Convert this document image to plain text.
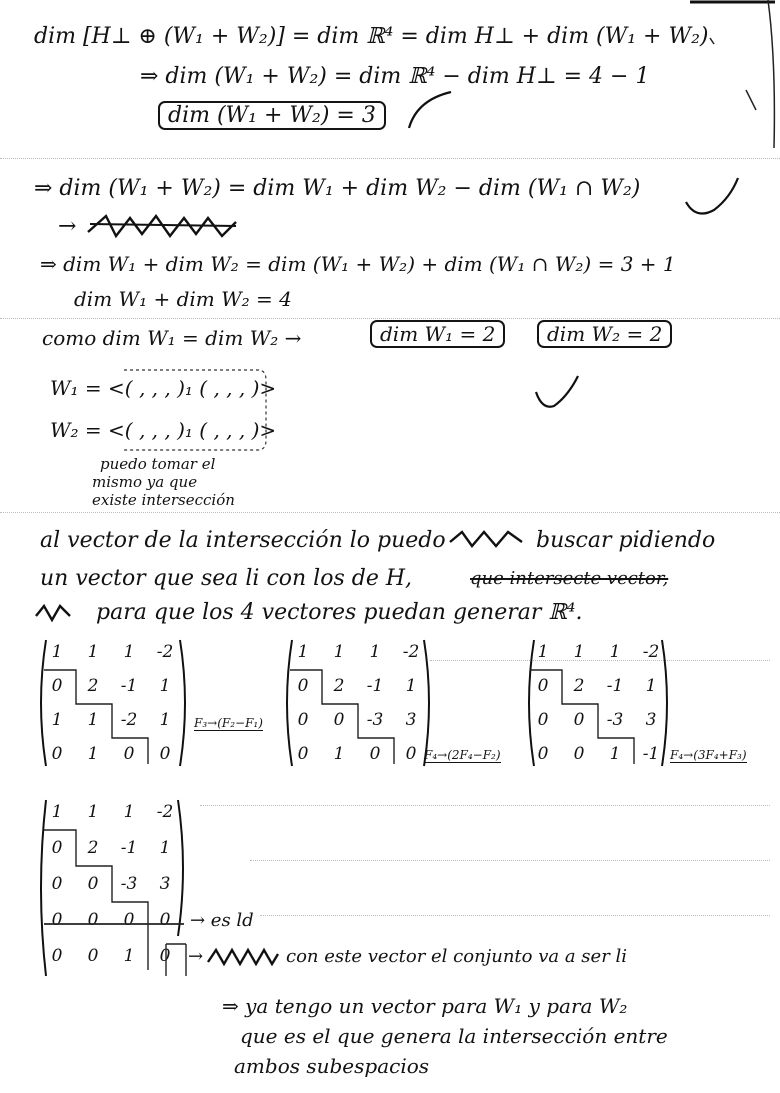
dim [H⊥ ⊕ (W₁ + W₂)] = dim ℝ⁴ = dim H⊥ + dim (W₁ + W₂)
⇒ dim (W₁ + W₂) = dim ℝ⁴ − dim H⊥ = 4 − 1
dim (W₁ + W₂) = 3
⇒ dim (W₁ + W₂) = dim W₁ + dim W₂ − dim (W₁ ∩ W₂)
→
⇒ dim W₁ + dim W₂ = dim (W₁ + W₂) + dim (W₁ ∩ W₂) = 3 + 1
dim W₁ + dim W₂ = 4
como dim W₁ = dim W₂ →	dim W₁ = 2	dim W₂ = 2
W₁ = <( , , , )₁ ( , , , )>
W₂ = <( , , , )₁ ( , , , )>
puedo tomar el
mismo ya que
existe intersección
al vector de la intersección lo puedo	buscar pidiendo
un vector que sea li con los de H,	que intersecte vector,
para que los 4 vectores puedan generar ℝ⁴.
1	1	1	-2
0	2	-1	1
1	1	-2	1
0	1	0	0
F₃→(F₂−F₁)
1	1	1	-2
0	2	-1	1
0	0	-3	3
0	1	0	0 F₄→(2F₄−F₂)
1	1	1	-2
0	2	-1	1
0	0	-3	3
0	0	1	-1 F₄→(3F₄+F₃)
1	1	1	-2
0	2	-1	1
0	0	-3	3
0	0	0	0
0	0	1	0
→ es ld
→	con este vector el conjunto va a ser li
⇒ ya tengo un vector para W₁ y para W₂
que es el que genera la intersección entre
ambos subespacios
